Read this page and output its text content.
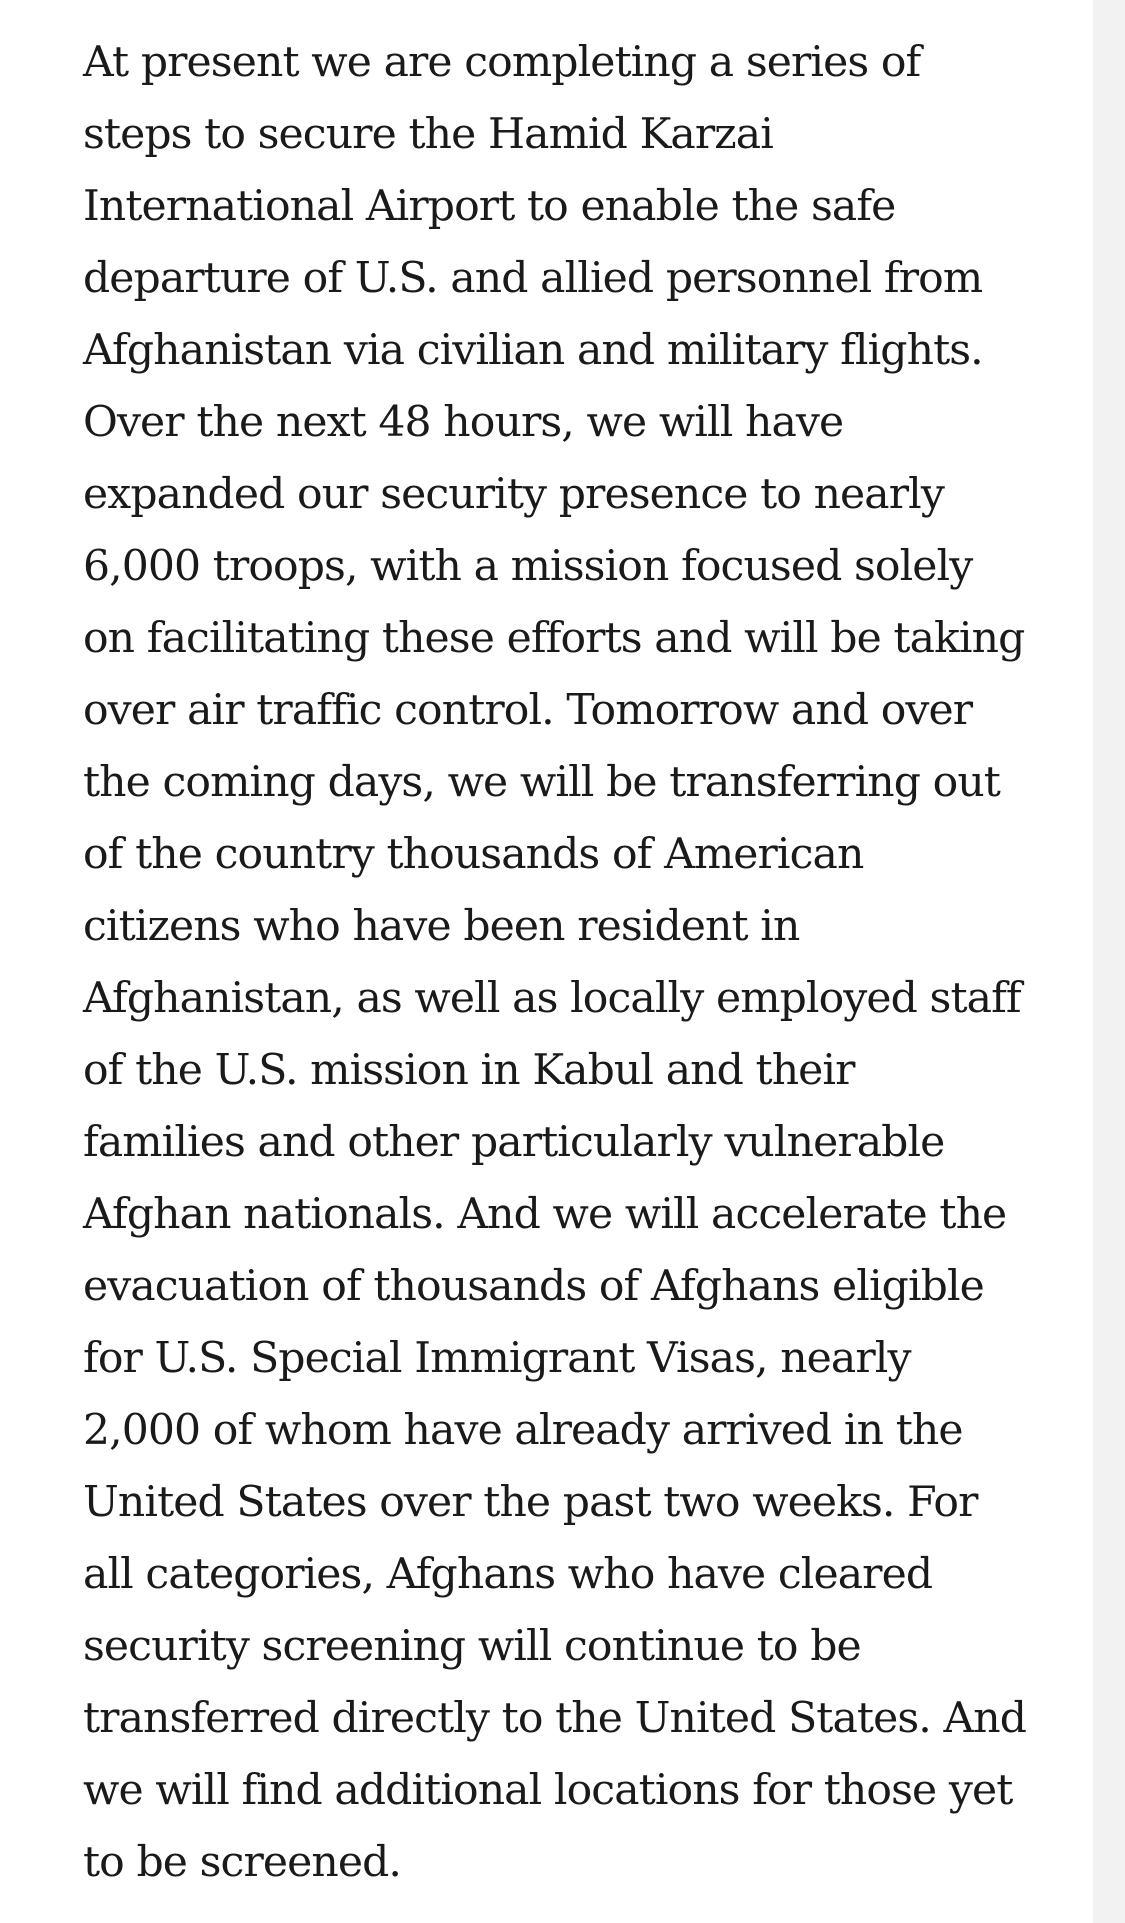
At present we are completing a series of
steps to secure the Hamid Karzai
International Airport to enable the safe
departure of U.S. and allied personnel from
Afghanistan via civilian and military flights.
Over the next 48 hours, we will have
expanded our security presence to nearly
6,000 troops, with a mission focused solely
on facilitating these efforts and will be taking
over air traffic control. Tomorrow and over
the coming days, we will be transferring out
of the country thousands of American
citizens who have been resident in
Afghanistan, as well as locally employed staff
of the U.S. mission in Kabul and their
families and other particularly vulnerable
Afghan nationals. And we will accelerate the
evacuation of thousands of Afghans eligible
for U.S. Special Immigrant Visas, nearly
2,000 of whom have already arrived in the
United States over the past two weeks. For
all categories, Afghans who have cleared
security screening will continue to be
transferred directly to the United States. And
we will find additional locations for those yet
to be screened.
